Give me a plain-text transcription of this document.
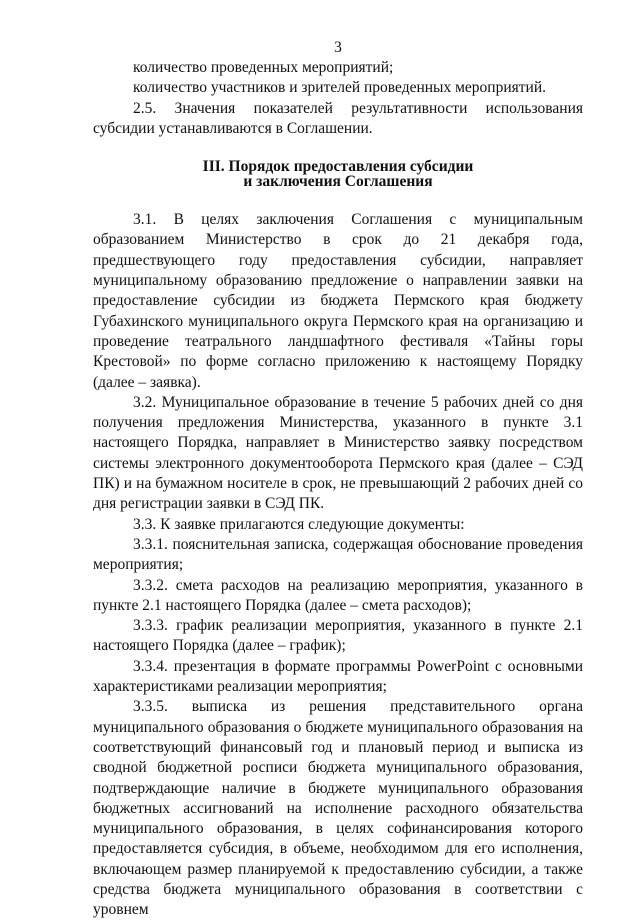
3

количество проведенных мероприятий;

количество участников и зрителей проведенных мероприятий.

2.5. Значения показателей результативности использования субсидии устанавливаются в Соглашении.

III. Порядок предоставления субсидии
и заключения Соглашения

3.1. В целях заключения Соглашения с муниципальным образованием Министерство в срок до 21 декабря года, предшествующего году предоставления субсидии, направляет муниципальному образованию предложение о направлении заявки на предоставление субсидии из бюджета Пермского края бюджету Губахинского муниципального округа Пермского края на организацию и проведение театрального ландшафтного фестиваля «Тайны горы Крестовой» по форме согласно приложению к настоящему Порядку (далее – заявка).

3.2. Муниципальное образование в течение 5 рабочих дней со дня получения предложения Министерства, указанного в пункте 3.1 настоящего Порядка, направляет в Министерство заявку посредством системы электронного документооборота Пермского края (далее – СЭД ПК) и на бумажном носителе в срок, не превышающий 2 рабочих дней со дня регистрации заявки в СЭД ПК.

3.3. К заявке прилагаются следующие документы:

3.3.1. пояснительная записка, содержащая обоснование проведения мероприятия;

3.3.2. смета расходов на реализацию мероприятия, указанного в пункте 2.1 настоящего Порядка (далее – смета расходов);

3.3.3. график реализации мероприятия, указанного в пункте 2.1 настоящего Порядка (далее – график);

3.3.4. презентация в формате программы PowerPoint с основными характеристиками реализации мероприятия;

3.3.5. выписка из решения представительного органа муниципального образования о бюджете муниципального образования на соответствующий финансовый год и плановый период и выписка из сводной бюджетной росписи бюджета муниципального образования, подтверждающие наличие в бюджете муниципального образования бюджетных ассигнований на исполнение расходного обязательства муниципального образования, в целях софинансирования которого предоставляется субсидия, в объеме, необходимом для его исполнения, включающем размер планируемой к предоставлению субсидии, а также средства бюджета муниципального образования в соответствии с уровнем
